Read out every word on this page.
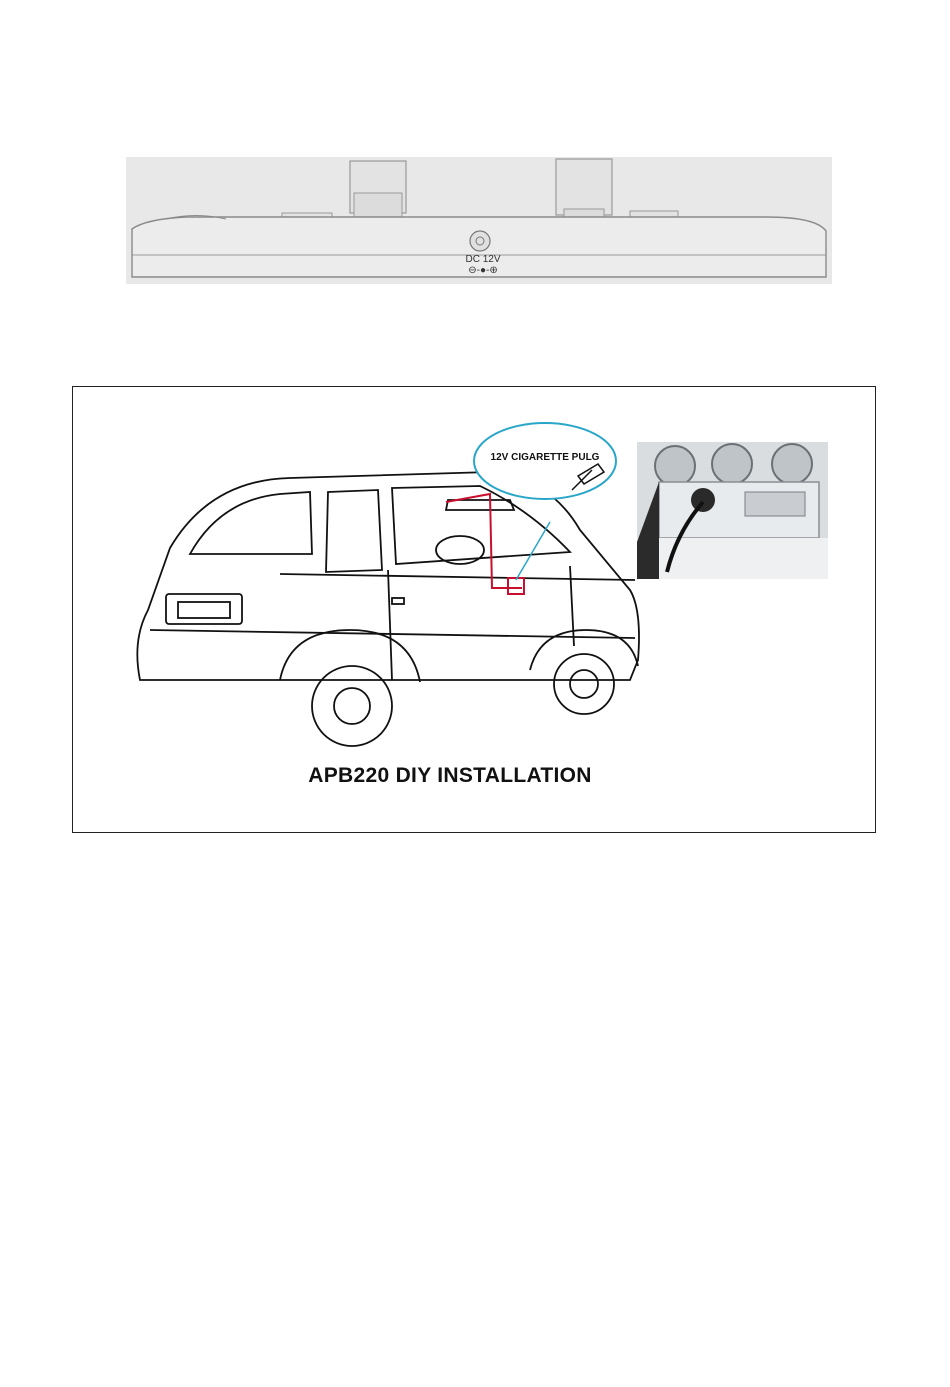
DC 12V
⊖-●-⊕
12V CIGARETTE PULG
APB220 DIY INSTALLATION
